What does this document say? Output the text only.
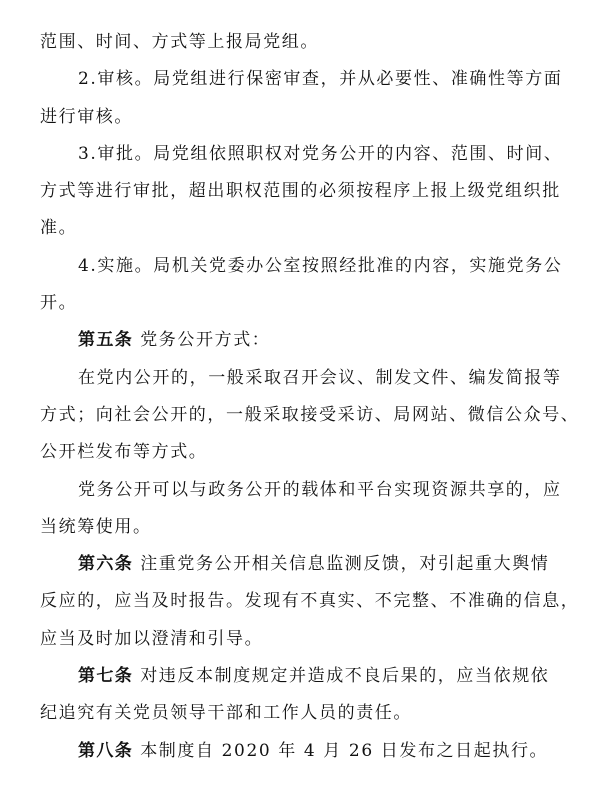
范围、时间、方式等上报局党组。
2.审核。局党组进行保密审查，并从必要性、准确性等方面
进行审核。
3.审批。局党组依照职权对党务公开的内容、范围、时间、
方式等进行审批，超出职权范围的必须按程序上报上级党组织批
准。
4.实施。局机关党委办公室按照经批准的内容，实施党务公
开。
第五条 党务公开方式：
在党内公开的，一般采取召开会议、制发文件、编发简报等
方式；向社会公开的，一般采取接受采访、局网站、微信公众号、
公开栏发布等方式。
党务公开可以与政务公开的载体和平台实现资源共享的，应
当统筹使用。
第六条 注重党务公开相关信息监测反馈，对引起重大舆情
反应的，应当及时报告。发现有不真实、不完整、不准确的信息，
应当及时加以澄清和引导。
第七条 对违反本制度规定并造成不良后果的，应当依规依
纪追究有关党员领导干部和工作人员的责任。
第八条 本制度自 2020 年 4 月 26 日发布之日起执行。
